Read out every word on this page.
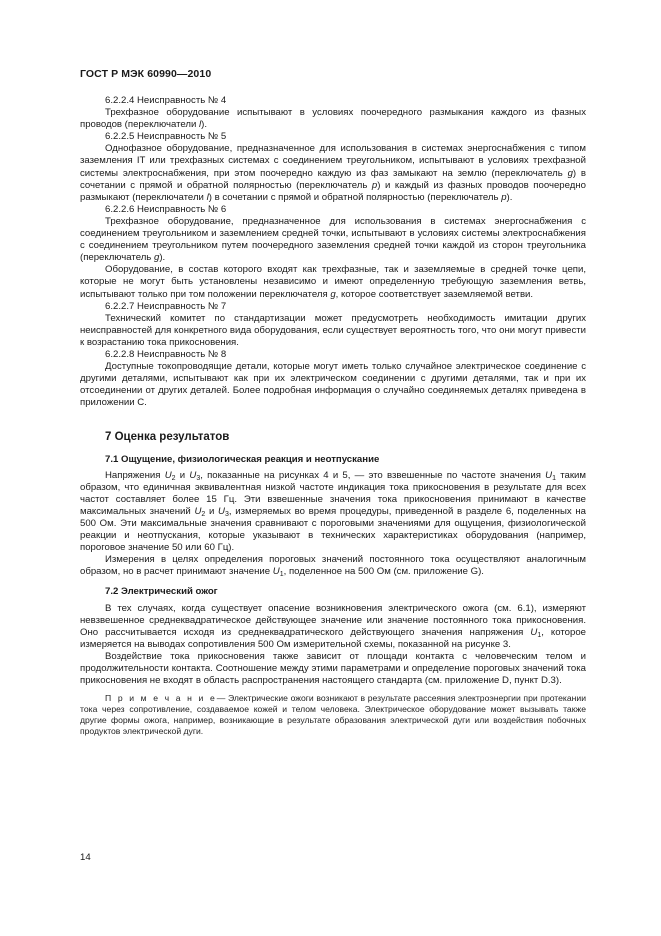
ГОСТ Р МЭК 60990—2010
6.2.2.4 Неисправность № 4

Трехфазное оборудование испытывают в условиях поочередного размыкания каждого из фазных проводов (переключатели l).

6.2.2.5 Неисправность № 5

Однофазное оборудование, предназначенное для использования в системах энергоснабжения с типом заземления IT или трехфазных системах с соединением треугольником, испытывают в условиях трехфазной системы электроснабжения, при этом поочередно каждую из фаз замыкают на землю (переключатель g) в сочетании с прямой и обратной полярностью (переключатель p) и каждый из фазных проводов поочередно размыкают (переключатели l) в сочетании с прямой и обратной полярностью (переключатель p).

6.2.2.6 Неисправность № 6

Трехфазное оборудование, предназначенное для использования в системах энергоснабжения с соединением треугольником и заземлением средней точки, испытывают в условиях системы электроснабжения с соединением треугольником путем поочередного заземления средней точки каждой из сторон треугольника (переключатель g).

Оборудование, в состав которого входят как трехфазные, так и заземляемые в средней точке цепи, которые не могут быть установлены независимо и имеют определенную требующую заземления ветвь, испытывают только при том положении переключателя g, которое соответствует заземляемой ветви.

6.2.2.7 Неисправность № 7

Технический комитет по стандартизации может предусмотреть необходимость имитации других неисправностей для конкретного вида оборудования, если существует вероятность того, что они могут привести к возрастанию тока прикосновения.

6.2.2.8 Неисправность № 8

Доступные токопроводящие детали, которые могут иметь только случайное электрическое соединение с другими деталями, испытывают как при их электрическом соединении с другими деталями, так и при их отсоединении от других деталей. Более подробная информация о случайно соединяемых деталях приведена в приложении С.

7 Оценка результатов
7.1 Ощущение, физиологическая реакция и неотпускание

Напряжения $U_2$ и $U_3$, показанные на рисунках 4 и 5, — это взвешенные по частоте значения $U_1$ таким образом, что единичная эквивалентная низкой частоте индикация тока прикосновения в результате для всех частот составляет более 15 Гц. Эти взвешенные значения тока прикосновения принимают в качестве максимальных значений $U_2$ и $U_3$, измеряемых во время процедуры, приведенной в разделе 6, поделенных на 500 Ом. Эти максимальные значения сравнивают с пороговыми значениями для ощущения, физиологической реакции и неотпускания, которые указывают в технических характеристиках оборудования (например, пороговое значение 50 или 60 Гц).

Измерения в целях определения пороговых значений постоянного тока осуществляют аналогичным образом, но в расчет принимают значение $U_1$, поделенное на 500 Ом (см. приложение G).

7.2 Электрический ожог

В тех случаях, когда существует опасение возникновения электрического ожога (см. 6.1), измеряют невзвешенное среднеквадратическое действующее значение или значение постоянного тока прикосновения. Оно рассчитывается исходя из среднеквадратического действующего значения напряжения $U_1$, которое измеряется на выводах сопротивления 500 Ом измерительной схемы, показанной на рисунке 3.

Воздействие тока прикосновения также зависит от площади контакта с человеческим телом и продолжительности контакта. Соотношение между этими параметрами и определение пороговых значений тока прикосновения не входят в область распространения настоящего стандарта (см. приложение D, пункт D.3).

П р и м е ч а н и е— Электрические ожоги возникают в результате рассеяния электроэнергии при протекании тока через сопротивление, создаваемое кожей и телом человека. Электрическое оборудование может вызывать также другие формы ожога, например, возникающие в результате образования электрической дуги или воздействия побочных продуктов электрической дуги.
14
